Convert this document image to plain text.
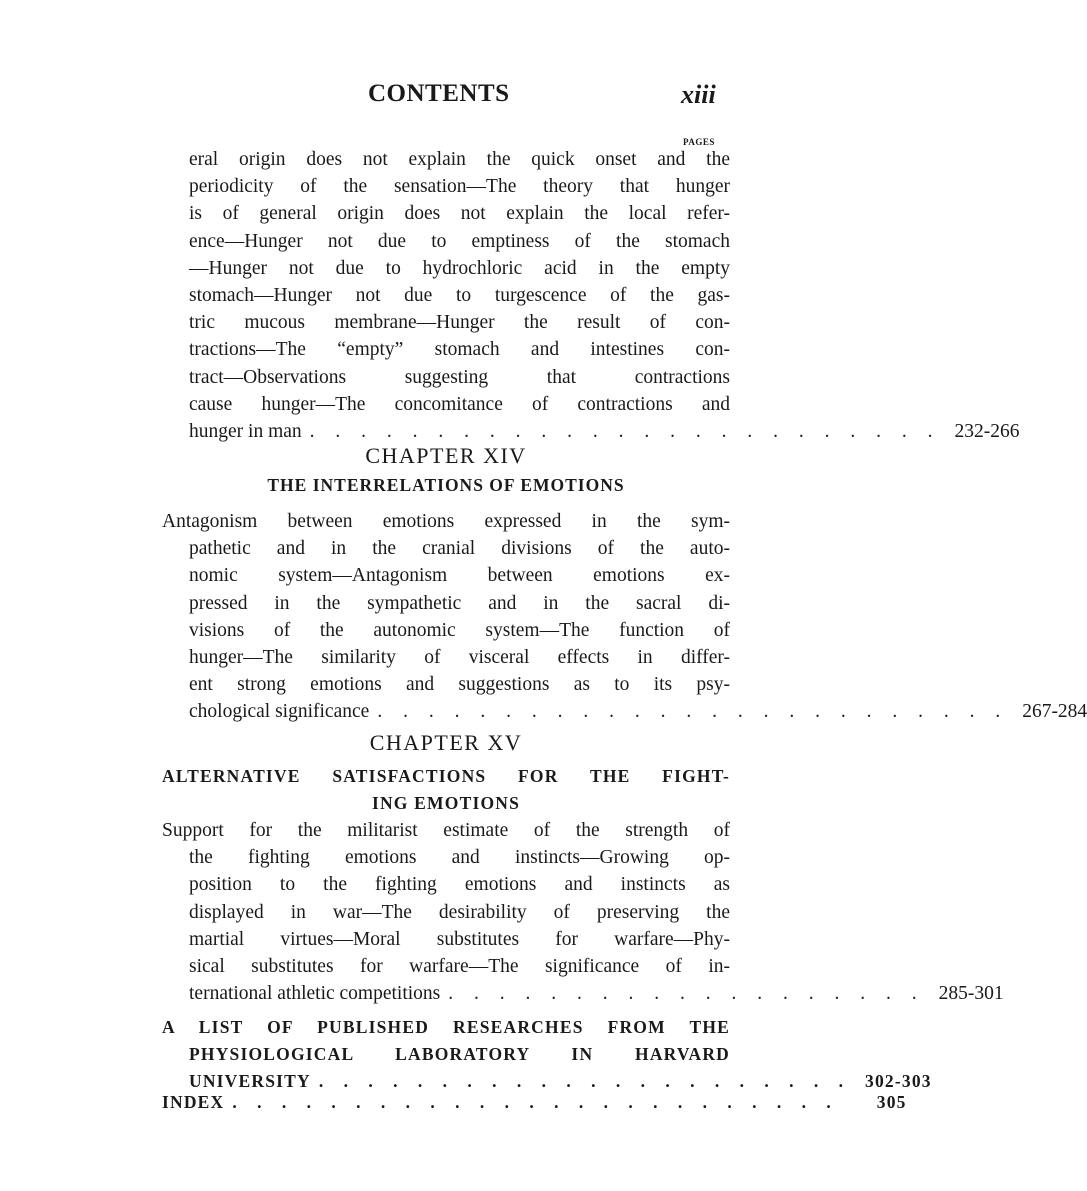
CONTENTS	xiii
PAGES
eral origin does not explain the quick onset and the
periodicity of the sensation—The theory that hunger
is of general origin does not explain the local refer-
ence—Hunger not due to emptiness of the stomach
—Hunger not due to hydrochloric acid in the empty
stomach—Hunger not due to turgescence of the gas-
tric mucous membrane—Hunger the result of con-
tractions—The “empty” stomach and intestines con-
tract—Observations suggesting that contractions
cause hunger—The concomitance of contractions and
hunger in man . . . . . . . . . . . . . . . . . . . . . . . . . 232-266
CHAPTER XIV
THE INTERRELATIONS OF EMOTIONS
Antagonism between emotions expressed in the sym-
pathetic and in the cranial divisions of the auto-
nomic system—Antagonism between emotions ex-
pressed in the sympathetic and in the sacral di-
visions of the autonomic system—The function of
hunger—The similarity of visceral effects in differ-
ent strong emotions and suggestions as to its psy-
chological significance . . . . . . . . . . . . . . . . . . . . . . . . . 267-284
CHAPTER XV
ALTERNATIVE SATISFACTIONS FOR THE FIGHT-
ING EMOTIONS
Support for the militarist estimate of the strength of
the fighting emotions and instincts—Growing op-
position to the fighting emotions and instincts as
displayed in war—The desirability of preserving the
martial virtues—Moral substitutes for warfare—Phy-
sical substitutes for warfare—The significance of in-
ternational athletic competitions . . . . . . . . . . . . . . . . . . . 285-301
A LIST OF PUBLISHED RESEARCHES FROM THE
PHYSIOLOGICAL LABORATORY IN HARVARD
UNIVERSITY . . . . . . . . . . . . . . . . . . . . . . 302-303
INDEX . . . . . . . . . . . . . . . . . . . . . . . . .	305
